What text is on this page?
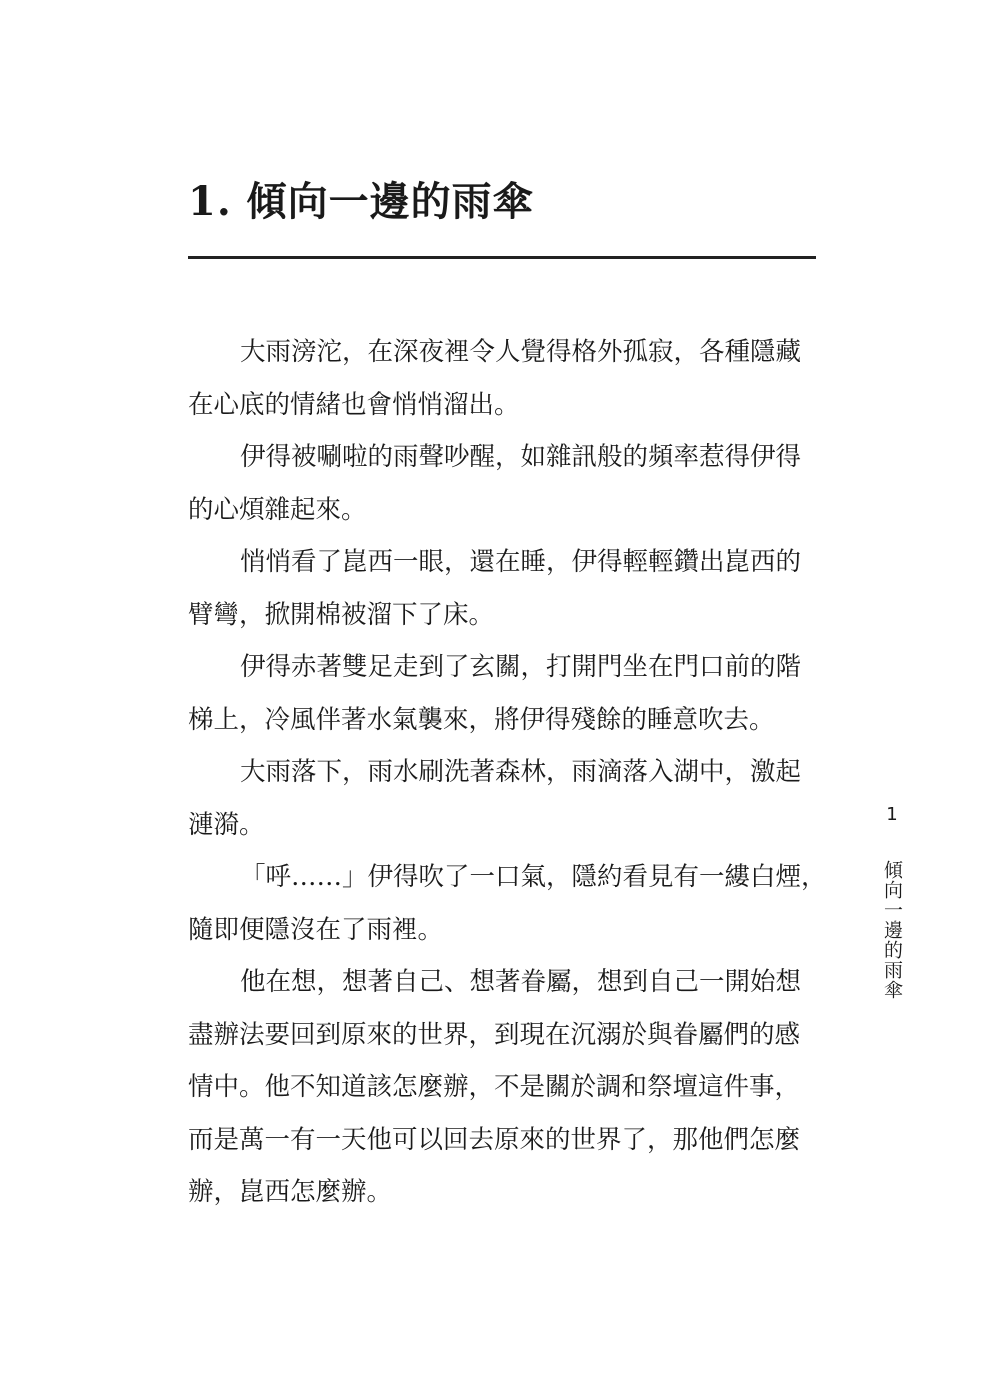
1. 傾向一邊的雨傘

大雨滂沱，在深夜裡令人覺得格外孤寂，各種隱藏
在心底的情緒也會悄悄溜出。

伊得被唰啦的雨聲吵醒，如雜訊般的頻率惹得伊得
的心煩雜起來。

悄悄看了崑西一眼，還在睡，伊得輕輕鑽出崑西的
臂彎，掀開棉被溜下了床。

伊得赤著雙足走到了玄關，打開門坐在門口前的階
梯上，冷風伴著水氣襲來，將伊得殘餘的睡意吹去。

大雨落下，雨水刷洗著森林，雨滴落入湖中，激起
漣漪。

「呼……」伊得吹了一口氣，隱約看見有一縷白煙，
隨即便隱沒在了雨裡。

他在想，想著自己、想著眷屬，想到自己一開始想
盡辦法要回到原來的世界，到現在沉溺於與眷屬們的感
情中。他不知道該怎麼辦，不是關於調和祭壇這件事，
而是萬一有一天他可以回去原來的世界了，那他們怎麼
辦，崑西怎麼辦。

1
傾向一邊的雨傘
